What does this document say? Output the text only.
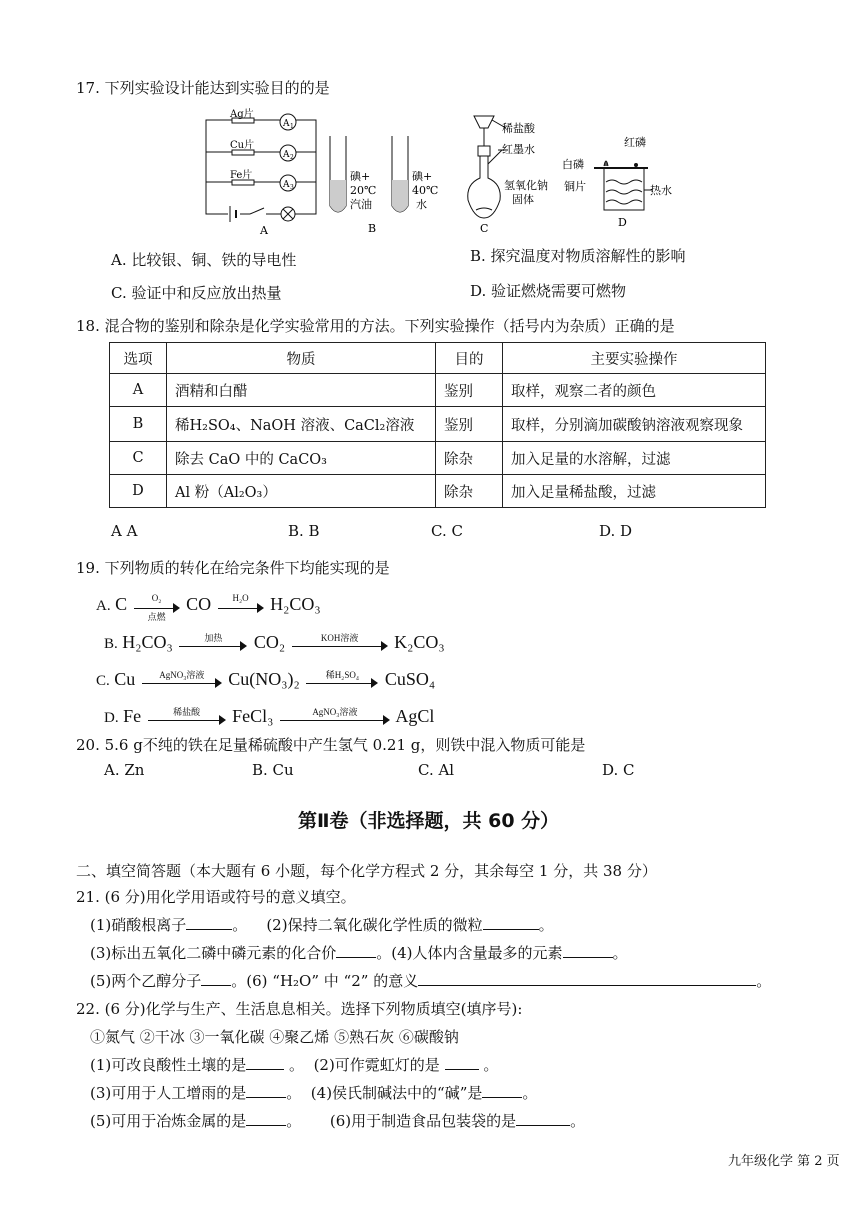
17. 下列实验设计能达到实验目的的是
Ag片
Cu片
Fe片
A 1
A 2
A 3
A
碘+
20℃
汽油
碘+
40℃
水
B
稀盐酸
红墨水
氢氧化钠
固体
C
红磷
白磷
铜片	热水
D
A. 比较银、铜、铁的导电性	B. 探究温度对物质溶解性的影响
C. 验证中和反应放出热量	D. 验证燃烧需要可燃物
18. 混合物的鉴别和除杂是化学实验常用的方法。下列实验操作（括号内为杂质）正确的是
选项	物质	目的	主要实验操作
A	酒精和白醋	鉴别	取样，观察二者的颜色
B	稀H₂SO₄、NaOH 溶液、CaCl₂溶液	鉴别	取样，分别滴加碳酸钠溶液观察现象
C	除去 CaO 中的 CaCO₃	除杂	加入足量的水溶解，过滤
D	Al 粉（Al₂O₃）	除杂	加入足量稀盐酸，过滤
A A	B. B	C. C	D. D
19. 下列物质的转化在给完条件下均能实现的是
A. C	O₂
点燃
CO	H₂O	H₂CO₃
B. H₂CO₃	加热	CO₂	KOH溶液	K₂CO₃
C. Cu	AgNO₃溶液	Cu(NO₃)₂	稀H₂SO₄	CuSO₄
D. Fe	稀盐酸	FeCl₃	AgNO₃溶液	AgCl
20. 5.6 g不纯的铁在足量稀硫酸中产生氢气 0.21 g，则铁中混入物质可能是
A. Zn	B. Cu	C. Al	D. C
第Ⅱ卷（非选择题，共 60 分）
二、填空简答题（本大题有 6 小题，每个化学方程式 2 分，其余每空 1 分，共 38 分）
21. (6 分)用化学用语或符号的意义填空。
(1)硝酸根离子	。    (2)保持二氧化碳化学性质的微粒	。
(3)标出五氧化二磷中磷元素的化合价	。(4)人体内含量最多的元素	。
(5)两个乙醇分子 。(6) “H₂O” 中 “2” 的意义	。
22. (6 分)化学与生产、生活息息相关。选择下列物质填空(填序号):
①氮气 ②干冰 ③一氧化碳 ④聚乙烯 ⑤熟石灰 ⑥碳酸钠
(1)可改良酸性土壤的是	。  (2)可作霓虹灯的是	。
(3)可用于人工增雨的是	。  (4)侯氏制碱法中的“碱”是	。
(5)可用于冶炼金属的是	。      (6)用于制造食品包装袋的是	。
九年级化学 第 2 页
